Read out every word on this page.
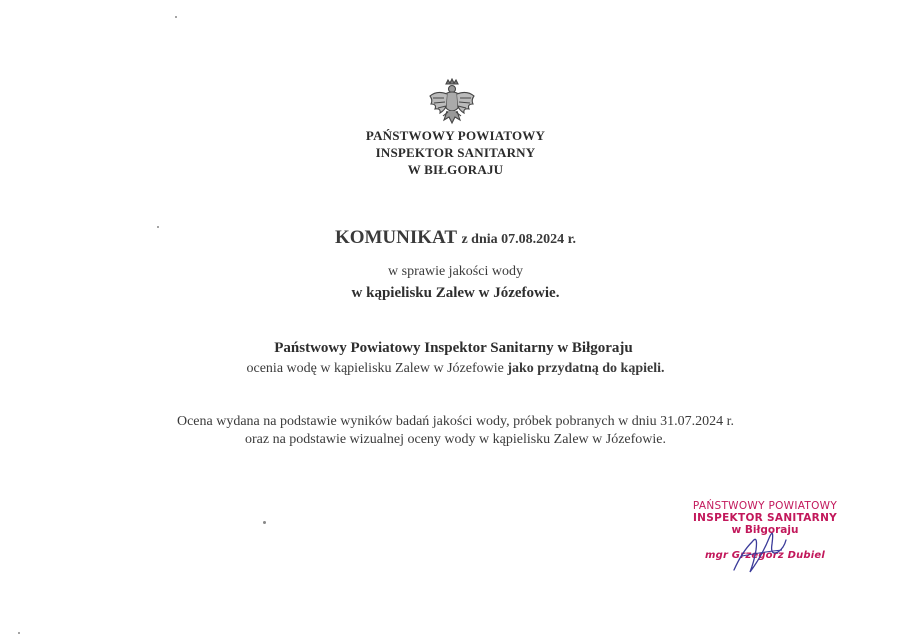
PAŃSTWOWY POWIATOWY
INSPEKTOR SANITARNY
W BIŁGORAJU
KOMUNIKAT z dnia 07.08.2024 r.
w sprawie jakości wody
w kąpielisku Zalew w Józefowie.
Państwowy Powiatowy Inspektor Sanitarny w Biłgoraju
ocenia wodę w kąpielisku Zalew w Józefowie jako przydatną do kąpieli.
Ocena wydana na podstawie wyników badań jakości wody, próbek pobranych w dniu 31.07.2024 r.
oraz na podstawie wizualnej oceny wody w kąpielisku Zalew w Józefowie.
PAŃSTWOWY POWIATOWY
INSPEKTOR SANITARNY
w Biłgoraju
mgr Grzegorz Dubiel
